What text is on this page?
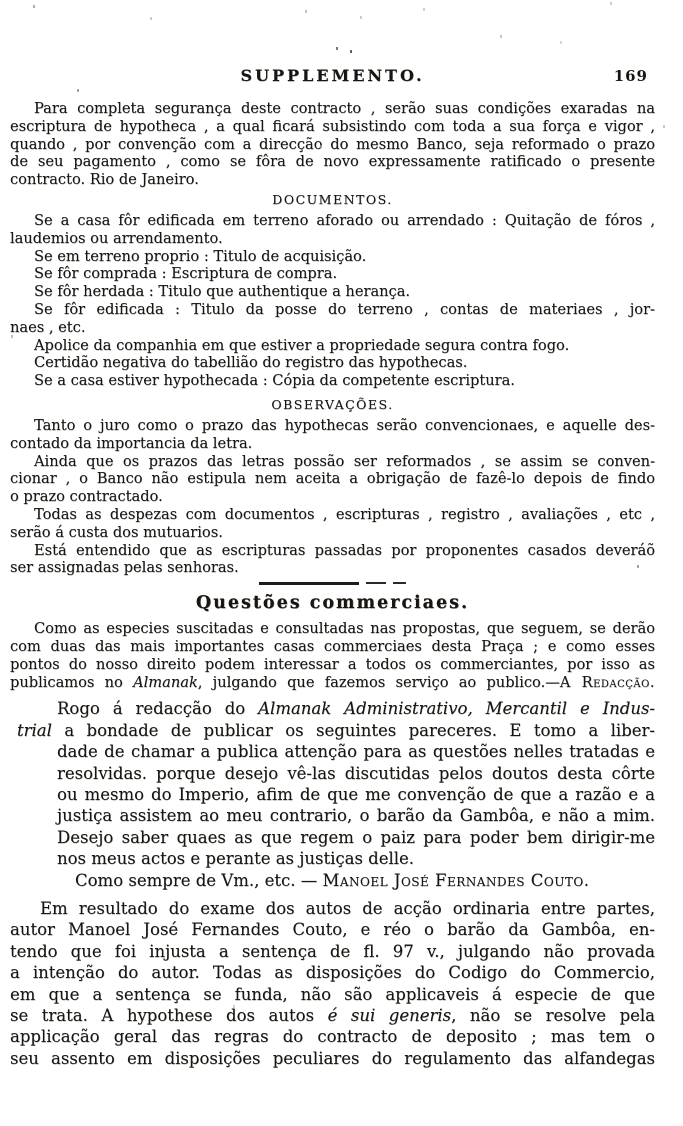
SUPPLEMENTO.	169
Para completa segurança deste contracto , serão suas condições exaradas na
escriptura de hypotheca , a qual ficará subsistindo com toda a sua força e vigor ,
quando , por convenção com a direcção do mesmo Banco, seja reformado o prazo
de seu pagamento , como se fôra de novo expressamente ratificado o presente
contracto. Rio de Janeiro.
DOCUMENTOS.
Se a casa fôr edificada em terreno aforado ou arrendado : Quitação de fóros ,
laudemios ou arrendamento.
Se em terreno proprio : Titulo de acquisição.
Se fôr comprada : Escriptura de compra.
Se fôr herdada : Titulo que authentique a herança.
Se fôr edificada : Titulo da posse do terreno , contas de materiaes , jor-
naes , etc.
Apolice da companhia em que estiver a propriedade segura contra fogo.
Certidão negativa do tabellião do registro das hypothecas.
Se a casa estiver hypothecada : Cópia da competente escriptura.
OBSERVAÇÕES.
Tanto o juro como o prazo das hypothecas serão convencionaes, e aquelle des-
contado da importancia da letra.
Ainda que os prazos das letras possão ser reformados , se assim se conven-
cionar , o Banco não estipula nem aceita a obrigação de fazê-lo depois de findo
o prazo contractado.
Todas as despezas com documentos , escripturas , registro , avaliações , etc ,
serão á custa dos mutuarios.
Está entendido que as escripturas passadas por proponentes casados deveráõ
ser assignadas pelas senhoras.
Questões commerciaes.
Como as especies suscitadas e consultadas nas propostas, que seguem, se derão
com duas das mais importantes casas commerciaes desta Praça ; e como esses
pontos do nosso direito podem interessar a todos os commerciantes, por isso as
publicamos no Almanak, julgando que fazemos serviço ao publico.—A Redacção.
Rogo á redacção do Almanak Administrativo, Mercantil e Indus-
trial a bondade de publicar os seguintes pareceres. E tomo a liber-
dade de chamar a publica attenção para as questões nelles tratadas e
resolvidas. porque desejo vê-las discutidas pelos doutos desta côrte
ou mesmo do Imperio, afim de que me convenção de que a razão e a
justiça assistem ao meu contrario, o barão da Gambôa, e não a mim.
Desejo saber quaes as que regem o paiz para poder bem dirigir-me
nos meus actos e perante as justiças delle.
Como sempre de Vm., etc. — Manoel José Fernandes Couto.
Em resultado do exame dos autos de acção ordinaria entre partes,
autor Manoel José Fernandes Couto, e réo o barão da Gambôa, en-
tendo que foi injusta a sentença de fl. 97 v., julgando não provada
a intenção do autor. Todas as disposições do Codigo do Commercio,
em que a sentença se funda, não são applicaveis á especie de que
se trata. A hypothese dos autos é sui generis, não se resolve pela
applicação geral das regras do contracto de deposito ; mas tem o
seu assento em disposições peculiares do regulamento das alfandegas
